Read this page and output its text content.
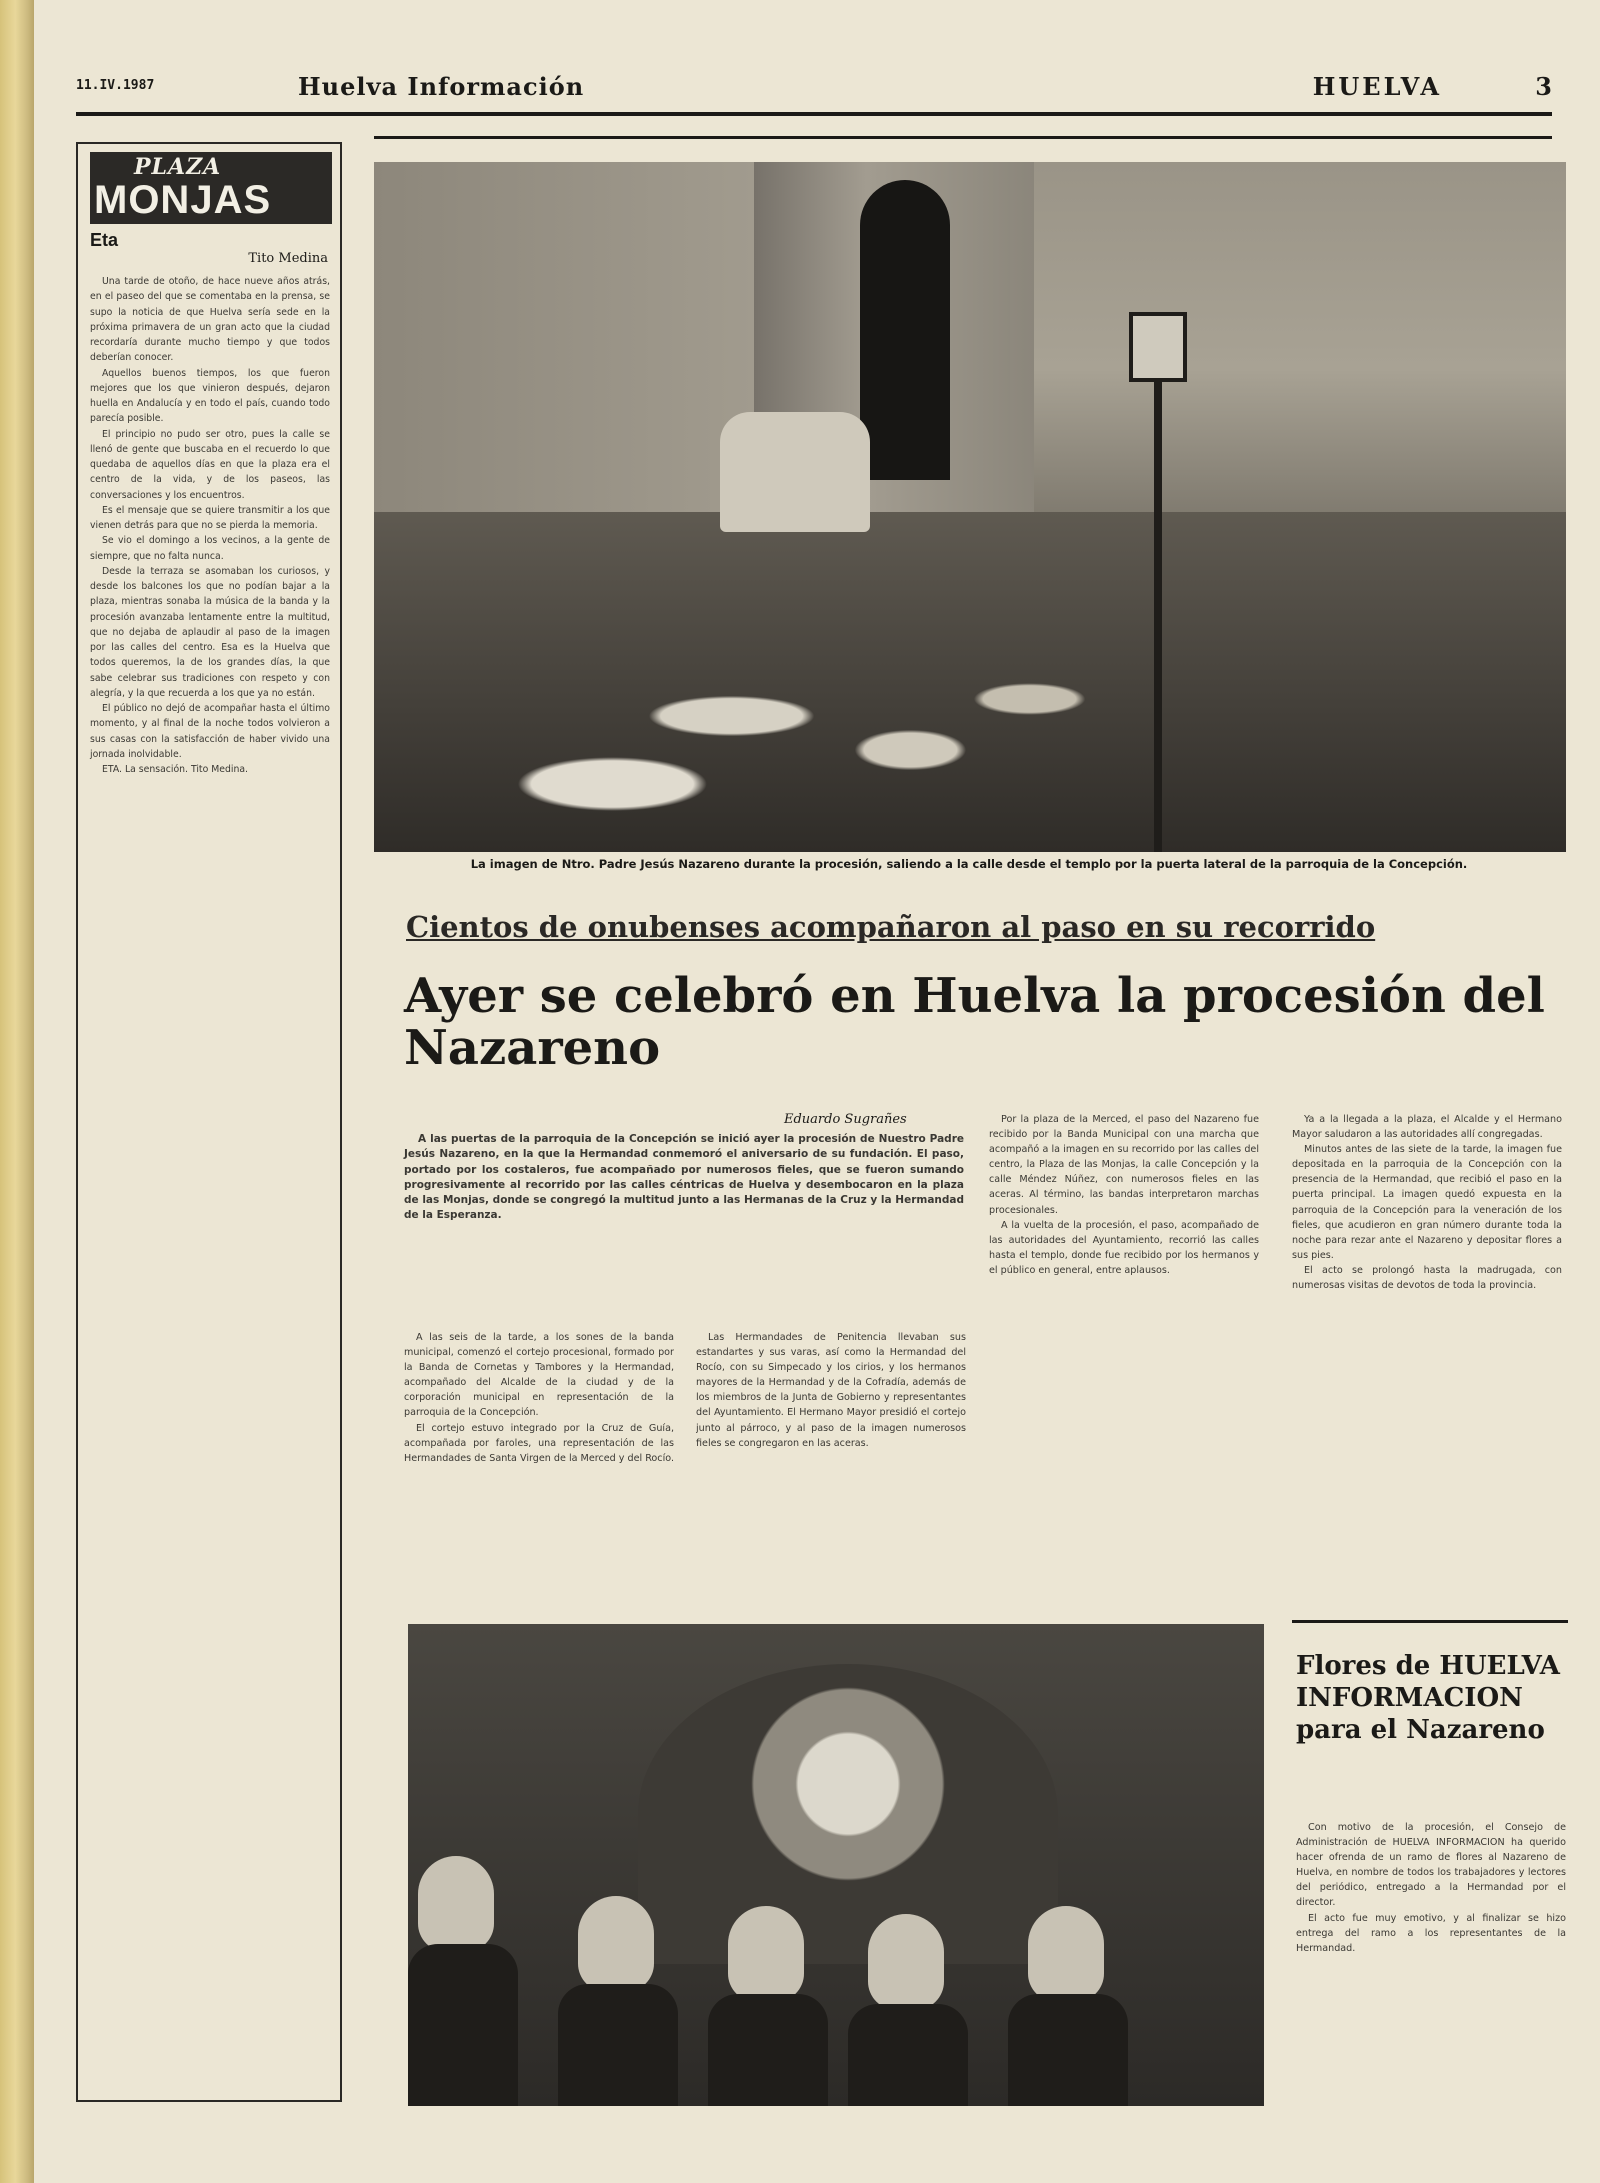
11.IV.1987	Huelva Información	HUELVA	3
PLAZA
MONJAS
Eta
Tito Medina

Una tarde de otoño, de hace nueve años atrás, en el paseo del que se comentaba en la prensa, se supo la noticia de que Huelva sería sede en la próxima primavera de un gran acto que la ciudad recordaría durante mucho tiempo y que todos deberían conocer.

Aquellos buenos tiempos, los que fueron mejores que los que vinieron después, dejaron huella en Andalucía y en todo el país, cuando todo parecía posible.

El principio no pudo ser otro, pues la calle se llenó de gente que buscaba en el recuerdo lo que quedaba de aquellos días en que la plaza era el centro de la vida, y de los paseos, las conversaciones y los encuentros.

Es el mensaje que se quiere transmitir a los que vienen detrás para que no se pierda la memoria.

Se vio el domingo a los vecinos, a la gente de siempre, que no falta nunca.

Desde la terraza se asomaban los curiosos, y desde los balcones los que no podían bajar a la plaza, mientras sonaba la música de la banda y la procesión avanzaba lentamente entre la multitud, que no dejaba de aplaudir al paso de la imagen por las calles del centro. Esa es la Huelva que todos queremos, la de los grandes días, la que sabe celebrar sus tradiciones con respeto y con alegría, y la que recuerda a los que ya no están.

El público no dejó de acompañar hasta el último momento, y al final de la noche todos volvieron a sus casas con la satisfacción de haber vivido una jornada inolvidable.

ETA. La sensación. Tito Medina.

La imagen de Ntro. Padre Jesús Nazareno durante la procesión, saliendo a la calle desde el templo por la puerta lateral de la parroquia de la Concepción.
Cientos de onubenses acompañaron al paso en su recorrido
Ayer se celebró en Huelva la procesión del Nazareno
Eduardo Sugrañes

A las puertas de la parroquia de la Concepción se inició ayer la procesión de Nuestro Padre Jesús Nazareno, en la que la Hermandad conmemoró el aniversario de su fundación. El paso, portado por los costaleros, fue acompañado por numerosos fieles, que se fueron sumando progresivamente al recorrido por las calles céntricas de Huelva y desembocaron en la plaza de las Monjas, donde se congregó la multitud junto a las Hermanas de la Cruz y la Hermandad de la Esperanza.

A las seis de la tarde, a los sones de la banda municipal, comenzó el cortejo procesional, formado por la Banda de Cornetas y Tambores y la Hermandad, acompañado del Alcalde de la ciudad y de la corporación municipal en representación de la parroquia de la Concepción.

El cortejo estuvo integrado por la Cruz de Guía, acompañada por faroles, una representación de las Hermandades de Santa Virgen de la Merced y del Rocío.

Las Hermandades de Penitencia llevaban sus estandartes y sus varas, así como la Hermandad del Rocío, con su Simpecado y los cirios, y los hermanos mayores de la Hermandad y de la Cofradía, además de los miembros de la Junta de Gobierno y representantes del Ayuntamiento. El Hermano Mayor presidió el cortejo junto al párroco, y al paso de la imagen numerosos fieles se congregaron en las aceras.

Por la plaza de la Merced, el paso del Nazareno fue recibido por la Banda Municipal con una marcha que acompañó a la imagen en su recorrido por las calles del centro, la Plaza de las Monjas, la calle Concepción y la calle Méndez Núñez, con numerosos fieles en las aceras. Al término, las bandas interpretaron marchas procesionales.

A la vuelta de la procesión, el paso, acompañado de las autoridades del Ayuntamiento, recorrió las calles hasta el templo, donde fue recibido por los hermanos y el público en general, entre aplausos.

Ya a la llegada a la plaza, el Alcalde y el Hermano Mayor saludaron a las autoridades allí congregadas.

Minutos antes de las siete de la tarde, la imagen fue depositada en la parroquia de la Concepción con la presencia de la Hermandad, que recibió el paso en la puerta principal. La imagen quedó expuesta en la parroquia de la Concepción para la veneración de los fieles, que acudieron en gran número durante toda la noche para rezar ante el Nazareno y depositar flores a sus pies.

El acto se prolongó hasta la madrugada, con numerosas visitas de devotos de toda la provincia.

Flores de HUELVA INFORMACION para el Nazareno

Con motivo de la procesión, el Consejo de Administración de HUELVA INFORMACION ha querido hacer ofrenda de un ramo de flores al Nazareno de Huelva, en nombre de todos los trabajadores y lectores del periódico, entregado a la Hermandad por el director.

El acto fue muy emotivo, y al finalizar se hizo entrega del ramo a los representantes de la Hermandad.
